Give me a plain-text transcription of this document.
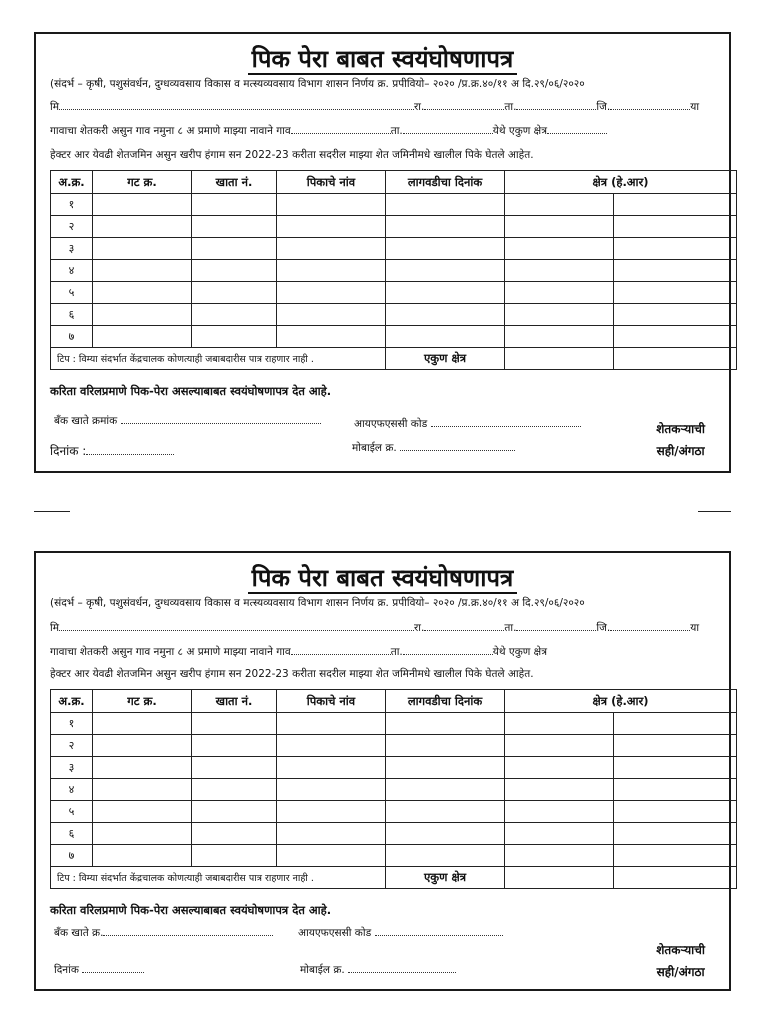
पिक पेरा बाबत स्वयंघोषणापत्र
(संदर्भ – कृषी, पशुसंवर्धन, दुग्धव्यवसाय विकास व मत्स्यव्यवसाय विभाग शासन निर्णय क्र. प्रपीवियो– २०२० /प्र.क्र.४०/११ अ दि.२९/०६/२०२०
मि	रा.	ता.	जि.	या
गावाचा शेतकरी असुन गाव नमुना ८ अ प्रमाणे माझ्या नावाने गाव	ता.	येथे एकुण क्षेत्र
हेक्टर आर येवढी शेतजमिन असुन खरीप हंगाम सन 2022-23 करीता सदरील माझ्या शेत जमिनीमधे खालील पिके घेतले आहेत.
अ.क्र.	गट क्र.	खाता नं.	पिकाचे नांव	लागवडीचा दिनांक	क्षेत्र (हे.आर)	
१						
२						
३						
४						
५						
६						
७						
टिप : विम्या संदर्भात केंद्रचालक कोणत्याही जबाबदारीस पात्र राहणार नाही .				एकुण क्षेत्र		
करिता वरिलप्रमाणे पिक-पेरा असल्याबाबत स्वयंघोषणापत्र देत आहे.
बँक खाते क्रमांक	आयएफएससी कोड
दिनांक :	मोबाईल क्र.
शेतकऱ्याची
सही/अंगठा
पिक पेरा बाबत स्वयंघोषणापत्र
(संदर्भ – कृषी, पशुसंवर्धन, दुग्धव्यवसाय विकास व मत्स्यव्यवसाय विभाग शासन निर्णय क्र. प्रपीवियो– २०२० /प्र.क्र.४०/११ अ दि.२९/०६/२०२०
मि	रा.	ता.	जि.	या
गावाचा शेतकरी असुन गाव नमुना ८ अ प्रमाणे माझ्या नावाने गाव	ता.	येथे एकुण क्षेत्र
हेक्टर आर येवढी शेतजमिन असुन खरीप हंगाम सन 2022-23 करीता सदरील माझ्या शेत जमिनीमधे खालील पिके घेतले आहेत.
अ.क्र.	गट क्र.	खाता नं.	पिकाचे नांव	लागवडीचा दिनांक	क्षेत्र (हे.आर)	
१						
२						
३						
४						
५						
६						
७						
टिप : विम्या संदर्भात केंद्रचालक कोणत्याही जबाबदारीस पात्र राहणार नाही .				एकुण क्षेत्र		
करिता वरिलप्रमाणे पिक-पेरा असल्याबाबत स्वयंघोषणापत्र देत आहे.
बँक खाते क्र.	आयएफएससी कोड
दिनांक	मोबाईल क्र.
शेतकऱ्याची
सही/अंगठा
